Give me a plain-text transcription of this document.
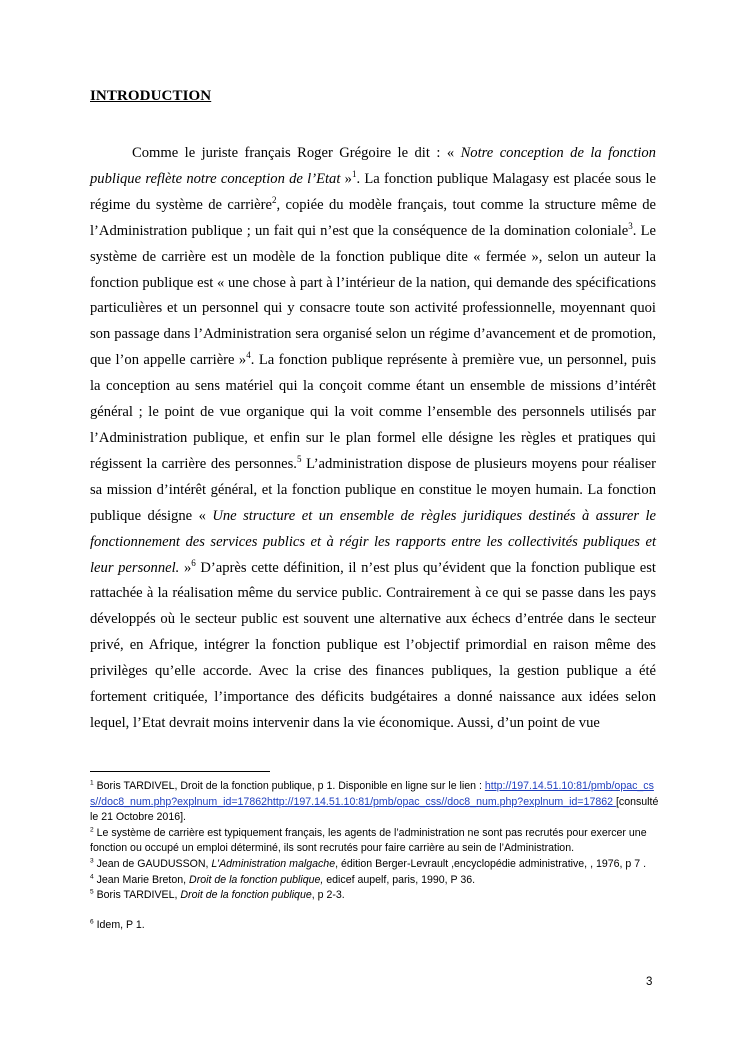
INTRODUCTION

Comme le juriste français Roger Grégoire le dit : « Notre conception de la fonction publique reflète notre conception de l’Etat »$^1$. La fonction publique Malagasy est placée sous le régime du système de carrière$^2$, copiée du modèle français, tout comme la structure même de l’Administration publique ; un fait qui n’est que la conséquence de la domination coloniale$^3$. Le système de carrière est un modèle de la fonction publique dite « fermée », selon un auteur la fonction publique est « une chose à part à l’intérieur de la nation, qui demande des spécifications particulières et un personnel qui y consacre toute son activité professionnelle, moyennant quoi son passage dans l’Administration sera organisé selon un régime d’avancement et de promotion, que l’on appelle carrière »$^4$. La fonction publique représente à première vue, un personnel, puis la conception au sens matériel qui la conçoit comme étant un ensemble de missions d’intérêt général ; le point de vue organique qui la voit comme l’ensemble des personnels utilisés par l’Administration publique, et enfin sur le plan formel elle désigne les règles et pratiques qui régissent la carrière des personnes.$^5$ L’administration dispose de plusieurs moyens pour réaliser sa mission d’intérêt général, et la fonction publique en constitue le moyen humain. La fonction publique désigne « Une structure et un ensemble de règles juridiques destinés à assurer le fonctionnement des services publics et à régir les rapports entre les collectivités publiques et leur personnel. »$^6$ D’après cette définition, il n’est plus qu’évident que la fonction publique est rattachée à la réalisation même du service public. Contrairement à ce qui se passe dans les pays développés où le secteur public est souvent une alternative aux échecs d’entrée dans le secteur privé, en Afrique, intégrer la fonction publique est l’objectif primordial en raison même des privilèges qu’elle accorde. Avec la crise des finances publiques, la gestion publique a été fortement critiquée, l’importance des déficits budgétaires a donné naissance aux idées selon lequel, l’Etat devrait moins intervenir dans la vie économique. Aussi, d’un point de vue

$^1$ Boris TARDIVEL, Droit de la fonction publique, p 1. Disponible en ligne sur le lien : http://197.14.51.10:81/pmb/opac_css//doc8_num.php?explnum_id=17862http://197.14.51.10:81/pmb/opac_css//doc8_num.php?explnum_id=17862 [consulté le 21 Octobre 2016].

$^2$ Le système de carrière est typiquement français, les agents de l’administration ne sont pas recrutés pour exercer une fonction ou occupé un emploi déterminé, ils sont recrutés pour faire carrière au sein de l’Administration.

$^3$ Jean de GAUDUSSON, L’Administration malgache, édition Berger-Levrault ,encyclopédie administrative, , 1976, p 7 .

$^4$ Jean Marie Breton, Droit de la fonction publique, edicef aupelf, paris, 1990, P 36.

$^5$ Boris TARDIVEL, Droit de la fonction publique, p 2-3.

$^6$ Idem, P 1.

3
